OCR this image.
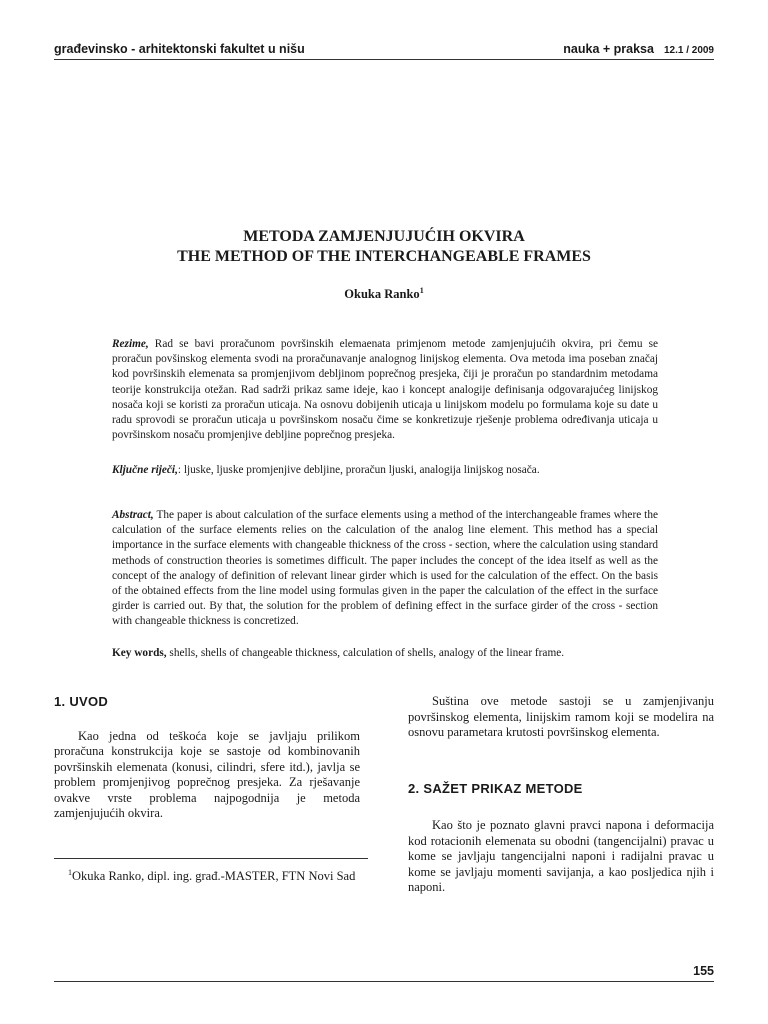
građevinsko - arhitektonski fakultet u nišu	nauka + praksa 12.1 / 2009
METODA ZAMJENJUJUĆIH OKVIRA
THE METHOD OF THE INTERCHANGEABLE FRAMES
Okuka Ranko$^1$

Rezime, Rad se bavi proračunom površinskih elemaenata primjenom metode zamjenjujućih okvira, pri čemu se proračun povšinskog elementa svodi na proračunavanje analognog linijskog elementa. Ova metoda ima poseban značaj kod površinskih elemenata sa promjenjivom debljinom poprečnog presjeka, čiji je proračun po standardnim metodama teorije konstrukcija otežan. Rad sadrži prikaz same ideje, kao i koncept analogije definisanja odgovarajućeg linijskog nosača koji se koristi za proračun uticaja. Na osnovu dobijenih uticaja u linijskom modelu po formulama koje su date u radu sprovodi se proračun uticaja u površinskom nosaču čime se konkretizuje rješenje problema određivanja uticaja u površinskom nosaču promjenjive debljine poprečnog presjeka.

Ključne riječi,: ljuske, ljuske promjenjive debljine, proračun ljuski, analogija linijskog nosača.

Abstract, The paper is about calculation of the surface elements using a method of the interchangeable frames where the calculation of the surface elements relies on the calculation of the analog line element. This method has a special importance in the surface elements with changeable thickness of the cross - section, where the calculation using standard methods of construction theories is sometimes difficult. The paper includes the concept of the idea itself as well as the concept of the analogy of definition of relevant linear girder which is used for the calculation of the effect. On the basis of the obtained effects from the line model using formulas given in the paper the calculation of the effect in the surface girder is carried out. By that, the solution for the problem of defining effect in the surface girder of the cross - section with changeable thickness is concretized.

Key words, shells, shells of changeable thickness, calculation of shells, analogy of the linear frame.

1. UVOD

Kao jedna od teškoća koje se javljaju prilikom proračuna konstrukcija koje se sastoje od kombinovanih površinskih elemenata (konusi, cilindri, sfere itd.), javlja se problem promjenjivog poprečnog presjeka. Za rješavanje ovakve vrste problema najpogodnija je metoda zamjenjujućih okvira.

$^1$Okuka Ranko, dipl. ing. građ.-MASTER, FTN Novi Sad

Suština ove metode sastoji se u zamjenjivanju površinskog elementa, linijskim ramom koji se modelira na osnovu parametara krutosti površinskog elementa.

2. SAŽET PRIKAZ METODE

Kao što je poznato glavni pravci napona i deformacija kod rotacionih elemenata su obodni (tangencijalni) pravac u kome se javljaju tangencijalni naponi i radijalni pravac u kome se javljaju momenti savijanja, a kao posljedica njih i naponi.

155
